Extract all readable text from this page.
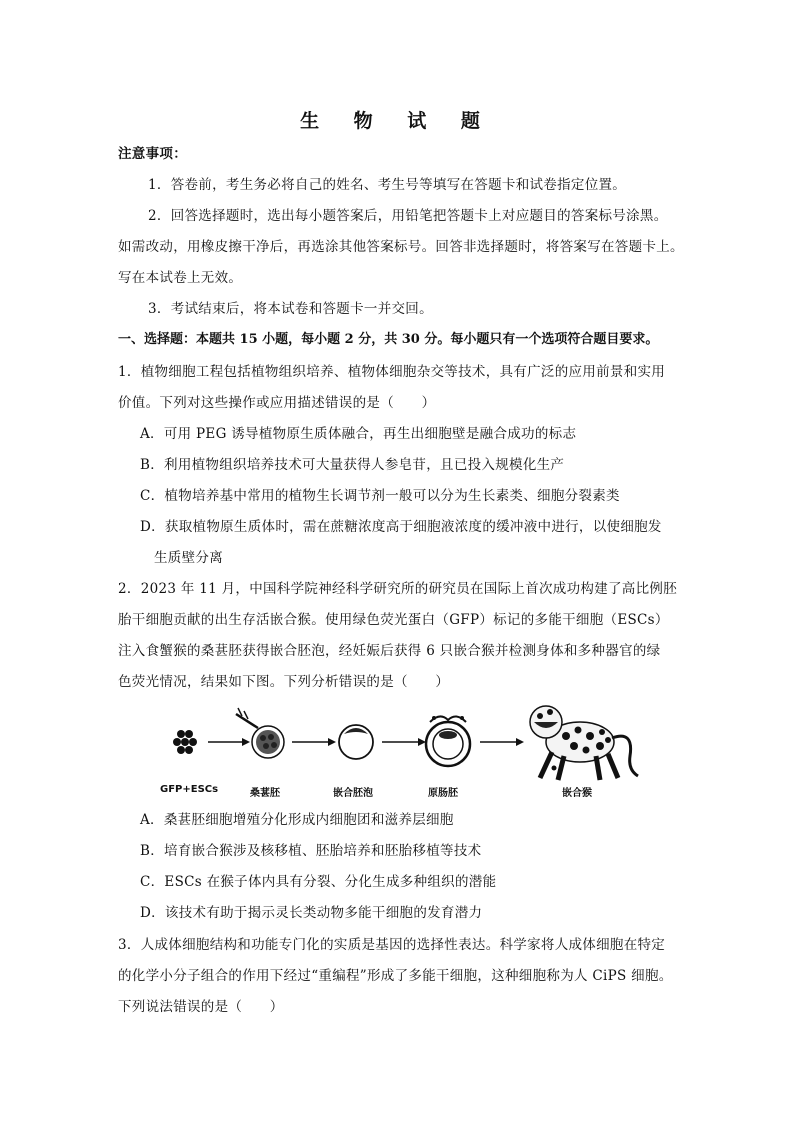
生 物 试 题
注意事项：
1．答卷前，考生务必将自己的姓名、考生号等填写在答题卡和试卷指定位置。
2．回答选择题时，选出每小题答案后，用铅笔把答题卡上对应题目的答案标号涂黑。
如需改动，用橡皮擦干净后，再选涂其他答案标号。回答非选择题时，将答案写在答题卡上。
写在本试卷上无效。
3．考试结束后，将本试卷和答题卡一并交回。
一、选择题：本题共 15 小题，每小题 2 分，共 30 分。每小题只有一个选项符合题目要求。
1．植物细胞工程包括植物组织培养、植物体细胞杂交等技术，具有广泛的应用前景和实用
价值。下列对这些操作或应用描述错误的是（　　）
A．可用 PEG 诱导植物原生质体融合，再生出细胞壁是融合成功的标志
B．利用植物组织培养技术可大量获得人参皂苷，且已投入规模化生产
C．植物培养基中常用的植物生长调节剂一般可以分为生长素类、细胞分裂素类
D．获取植物原生质体时，需在蔗糖浓度高于细胞液浓度的缓冲液中进行，以使细胞发
生质壁分离
2．2023 年 11 月，中国科学院神经科学研究所的研究员在国际上首次成功构建了高比例胚
胎干细胞贡献的出生存活嵌合猴。使用绿色荧光蛋白（GFP）标记的多能干细胞（ESCs）
注入食蟹猴的桑葚胚获得嵌合胚泡，经妊娠后获得 6 只嵌合猴并检测身体和多种器官的绿
色荧光情况，结果如下图。下列分析错误的是（　　）
GFP+ESCs	桑葚胚	嵌合胚泡	原肠胚	嵌合猴
A．桑葚胚细胞增殖分化形成内细胞团和滋养层细胞
B．培育嵌合猴涉及核移植、胚胎培养和胚胎移植等技术
C．ESCs 在猴子体内具有分裂、分化生成多种组织的潜能
D．该技术有助于揭示灵长类动物多能干细胞的发育潜力
3．人成体细胞结构和功能专门化的实质是基因的选择性表达。科学家将人成体细胞在特定
的化学小分子组合的作用下经过“重编程”形成了多能干细胞，这种细胞称为人 CiPS 细胞。
下列说法错误的是（　　）
